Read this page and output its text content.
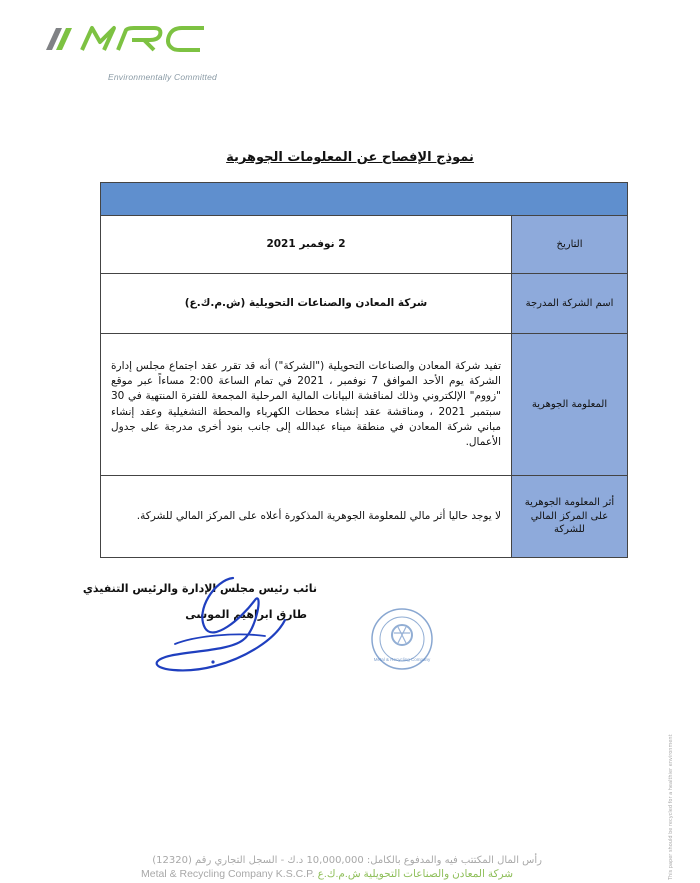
Environmentally Committed
نموذج الإفصاح عن المعلومات الجوهرية

التاريخ	2 نوفمبر 2021
اسم الشركة المدرجة	شركة المعادن والصناعات التحويلية (ش.م.ك.ع)
المعلومة الجوهرية	تفيد شركة المعادن والصناعات التحويلية ("الشركة") أنه قد تقرر عقد اجتماع مجلس إدارة الشركة يوم الأحد الموافق 7 نوفمبر ، 2021 في تمام الساعة 2:00 مساءاً عبر موقع "زووم" الإلكتروني وذلك لمناقشة البيانات المالية المرحلية المجمعة للفترة المنتهية في 30 سبتمبر 2021 ، ومناقشة عقد إنشاء محطات الكهرباء والمحطة التشغيلية وعقد إنشاء مباني شركة المعادن في منطقة ميناء عبدالله إلى جانب بنود أخرى مدرجة على جدول الأعمال.
أثر المعلومة الجوهرية على المركز المالي للشركة	لا يوجد حاليا أثر مالي للمعلومة الجوهرية المذكورة أعلاه على المركز المالي للشركة.
نائب رئيس مجلس الإدارة والرئيس التنفيذي
طارق ابراهيم الموسى
Metal & Recycling Company
This paper should be recycled for a healthier environment
رأس المال المكتتب فيه والمدفوع بالكامل: 10,000,000 د.ك - السجل التجاري رقم (12320)
Metal & Recycling Company K.S.C.P. شركة المعادن والصناعات التحويلية ش.م.ك.ع
